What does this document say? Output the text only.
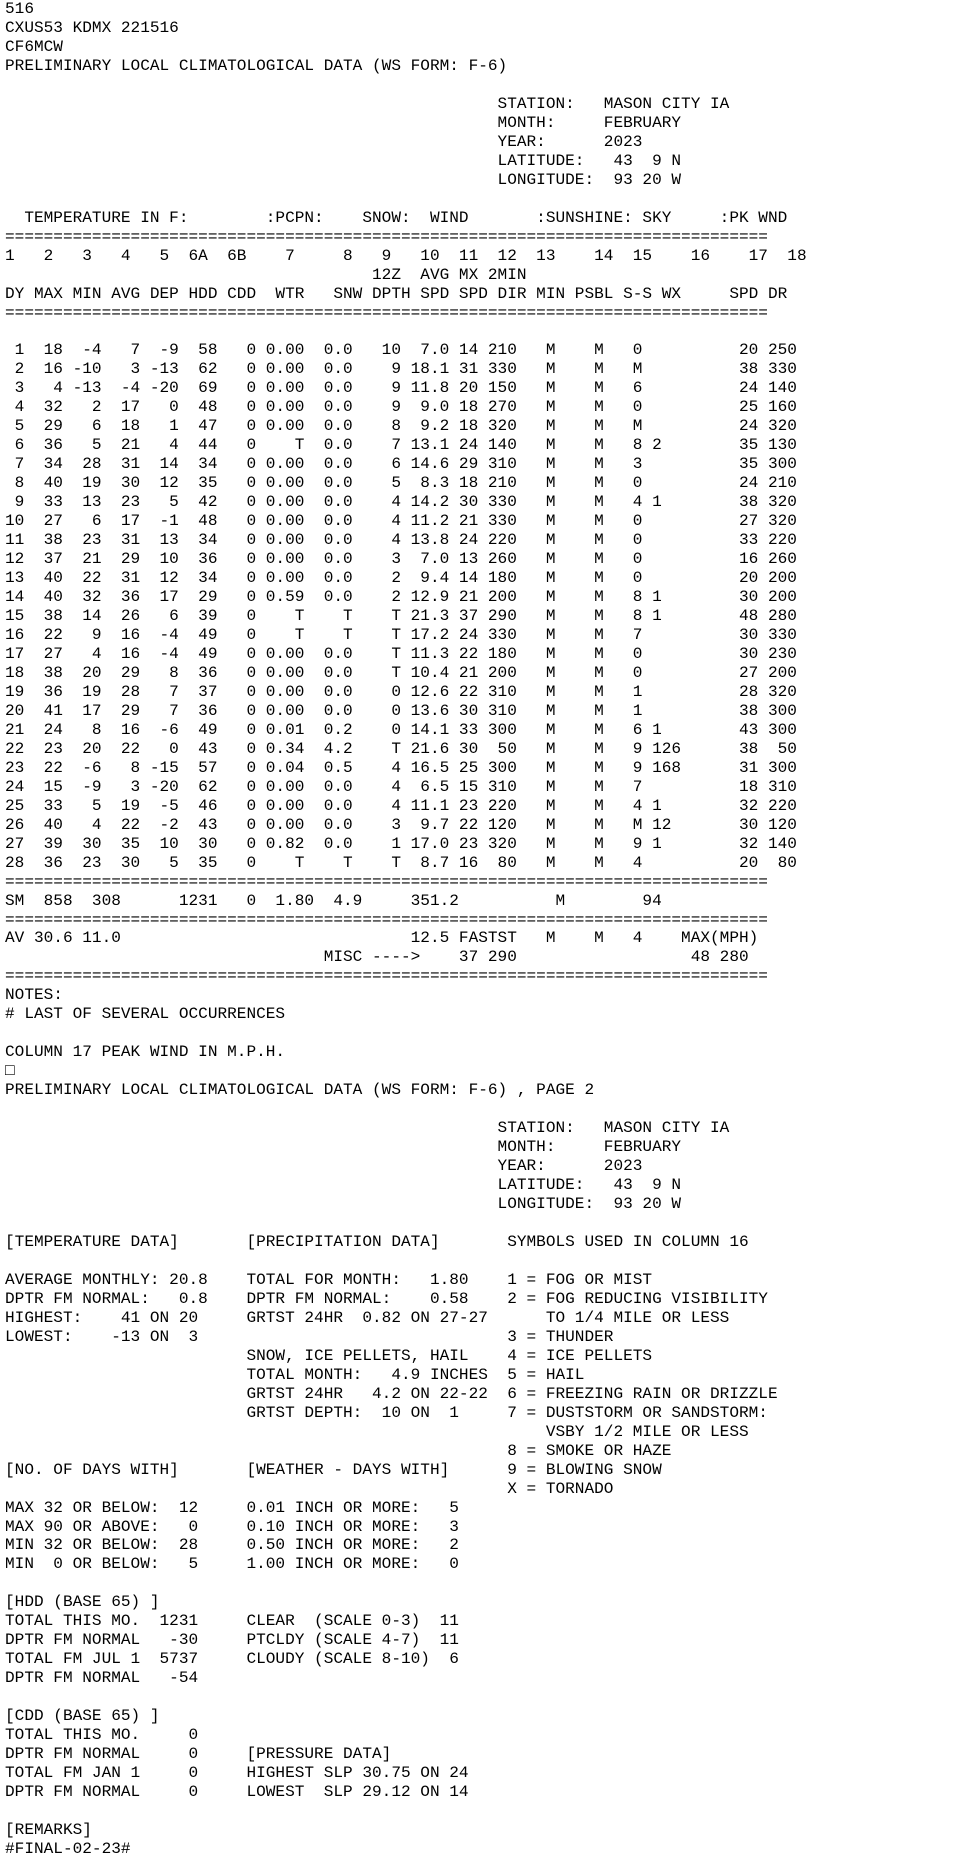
516
CXUS53 KDMX 221516
CF6MCW
PRELIMINARY LOCAL CLIMATOLOGICAL DATA (WS FORM: F-6)
STATION:   MASON CITY IA
MONTH:     FEBRUARY
YEAR:      2023
LATITUDE:   43  9 N
LONGITUDE:  93 20 W
TEMPERATURE IN F:        :PCPN:    SNOW:  WIND       :SUNSHINE: SKY     :PK WND
===============================================================================
1   2   3   4   5  6A  6B    7     8   9   10  11  12  13    14  15    16    17  18
12Z  AVG MX 2MIN
DY MAX MIN AVG DEP HDD CDD  WTR   SNW DPTH SPD SPD DIR MIN PSBL S-S WX     SPD DR
===============================================================================
1  18  -4   7  -9  58   0 0.00  0.0   10  7.0 14 210   M    M   0          20 250
2  16 -10   3 -13  62   0 0.00  0.0    9 18.1 31 330   M    M   M          38 330
3   4 -13  -4 -20  69   0 0.00  0.0    9 11.8 20 150   M    M   6          24 140
4  32   2  17   0  48   0 0.00  0.0    9  9.0 18 270   M    M   0          25 160
5  29   6  18   1  47   0 0.00  0.0    8  9.2 18 320   M    M   M          24 320
6  36   5  21   4  44   0    T  0.0    7 13.1 24 140   M    M   8 2        35 130
7  34  28  31  14  34   0 0.00  0.0    6 14.6 29 310   M    M   3          35 300
8  40  19  30  12  35   0 0.00  0.0    5  8.3 18 210   M    M   0          24 210
9  33  13  23   5  42   0 0.00  0.0    4 14.2 30 330   M    M   4 1        38 320
10  27   6  17  -1  48   0 0.00  0.0    4 11.2 21 330   M    M   0          27 320
11  38  23  31  13  34   0 0.00  0.0    4 13.8 24 220   M    M   0          33 220
12  37  21  29  10  36   0 0.00  0.0    3  7.0 13 260   M    M   0          16 260
13  40  22  31  12  34   0 0.00  0.0    2  9.4 14 180   M    M   0          20 200
14  40  32  36  17  29   0 0.59  0.0    2 12.9 21 200   M    M   8 1        30 200
15  38  14  26   6  39   0    T    T    T 21.3 37 290   M    M   8 1        48 280
16  22   9  16  -4  49   0    T    T    T 17.2 24 330   M    M   7          30 330
17  27   4  16  -4  49   0 0.00  0.0    T 11.3 22 180   M    M   0          30 230
18  38  20  29   8  36   0 0.00  0.0    T 10.4 21 200   M    M   0          27 200
19  36  19  28   7  37   0 0.00  0.0    0 12.6 22 310   M    M   1          28 320
20  41  17  29   7  36   0 0.00  0.0    0 13.6 30 310   M    M   1          38 300
21  24   8  16  -6  49   0 0.01  0.2    0 14.1 33 300   M    M   6 1        43 300
22  23  20  22   0  43   0 0.34  4.2    T 21.6 30  50   M    M   9 126      38  50
23  22  -6   8 -15  57   0 0.04  0.5    4 16.5 25 300   M    M   9 168      31 300
24  15  -9   3 -20  62   0 0.00  0.0    4  6.5 15 310   M    M   7          18 310
25  33   5  19  -5  46   0 0.00  0.0    4 11.1 23 220   M    M   4 1        32 220
26  40   4  22  -2  43   0 0.00  0.0    3  9.7 22 120   M    M   M 12       30 120
27  39  30  35  10  30   0 0.82  0.0    1 17.0 23 320   M    M   9 1        32 140
28  36  23  30   5  35   0    T    T    T  8.7 16  80   M    M   4          20  80
===============================================================================
SM  858  308      1231   0  1.80  4.9     351.2          M        94
===============================================================================
AV 30.6 11.0                              12.5 FASTST   M    M   4    MAX(MPH)
MISC ---->    37 290                  48 280
===============================================================================
NOTES:
# LAST OF SEVERAL OCCURRENCES
COLUMN 17 PEAK WIND IN M.P.H.
□
PRELIMINARY LOCAL CLIMATOLOGICAL DATA (WS FORM: F-6) , PAGE 2
STATION:   MASON CITY IA
MONTH:     FEBRUARY
YEAR:      2023
LATITUDE:   43  9 N
LONGITUDE:  93 20 W
[TEMPERATURE DATA]       [PRECIPITATION DATA]       SYMBOLS USED IN COLUMN 16
AVERAGE MONTHLY: 20.8    TOTAL FOR MONTH:   1.80    1 = FOG OR MIST
DPTR FM NORMAL:   0.8    DPTR FM NORMAL:    0.58    2 = FOG REDUCING VISIBILITY
HIGHEST:    41 ON 20     GRTST 24HR  0.82 ON 27-27      TO 1/4 MILE OR LESS
LOWEST:    -13 ON  3                                3 = THUNDER
SNOW, ICE PELLETS, HAIL    4 = ICE PELLETS
TOTAL MONTH:   4.9 INCHES  5 = HAIL
GRTST 24HR   4.2 ON 22-22  6 = FREEZING RAIN OR DRIZZLE
GRTST DEPTH:  10 ON  1     7 = DUSTSTORM OR SANDSTORM:
VSBY 1/2 MILE OR LESS
8 = SMOKE OR HAZE
[NO. OF DAYS WITH]       [WEATHER - DAYS WITH]      9 = BLOWING SNOW
X = TORNADO
MAX 32 OR BELOW:  12     0.01 INCH OR MORE:   5
MAX 90 OR ABOVE:   0     0.10 INCH OR MORE:   3
MIN 32 OR BELOW:  28     0.50 INCH OR MORE:   2
MIN  0 OR BELOW:   5     1.00 INCH OR MORE:   0
[HDD (BASE 65) ]
TOTAL THIS MO.  1231     CLEAR  (SCALE 0-3)  11
DPTR FM NORMAL   -30     PTCLDY (SCALE 4-7)  11
TOTAL FM JUL 1  5737     CLOUDY (SCALE 8-10)  6
DPTR FM NORMAL   -54
[CDD (BASE 65) ]
TOTAL THIS MO.     0
DPTR FM NORMAL     0     [PRESSURE DATA]
TOTAL FM JAN 1     0     HIGHEST SLP 30.75 ON 24
DPTR FM NORMAL     0     LOWEST  SLP 29.12 ON 14
[REMARKS]
#FINAL-02-23#
